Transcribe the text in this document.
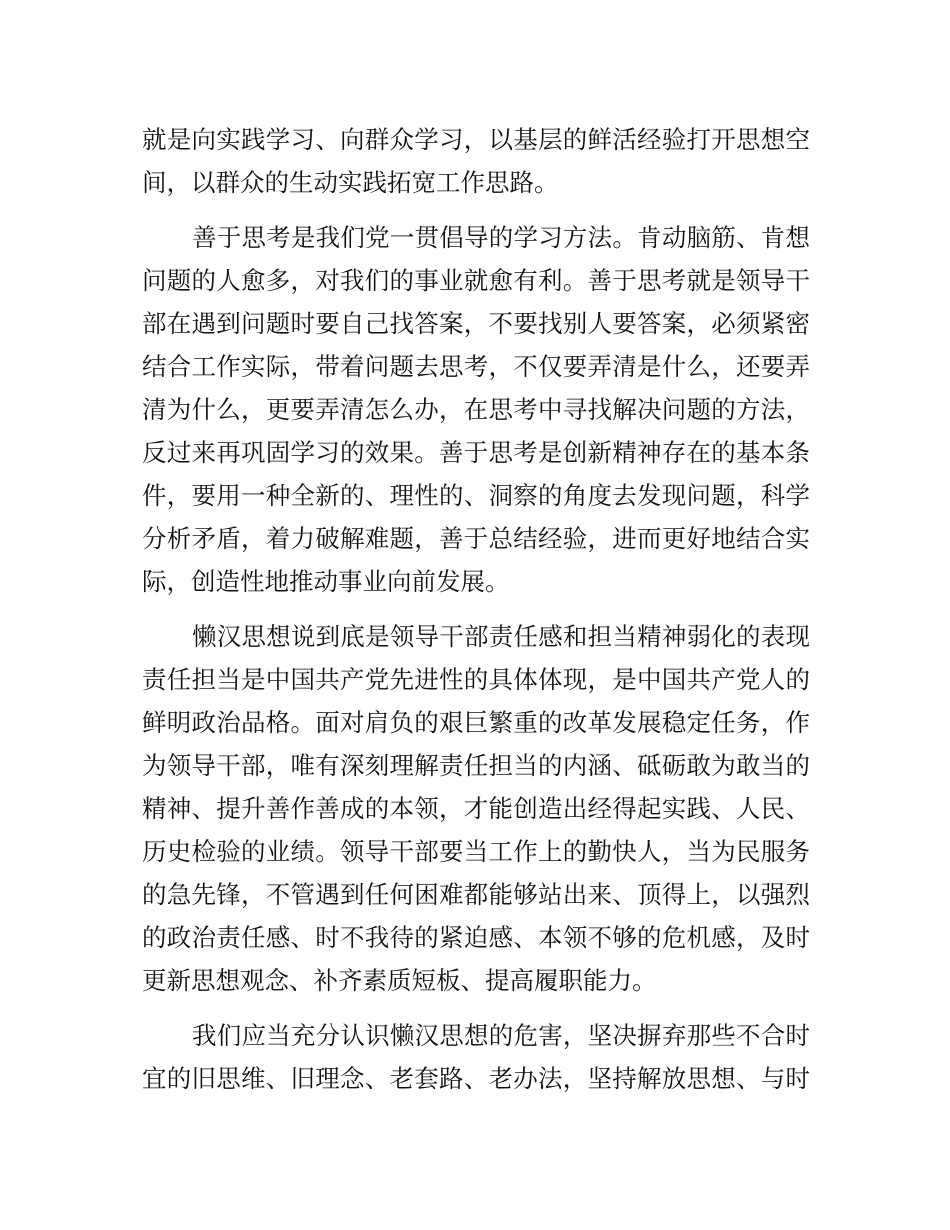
就是向实践学习、向群众学习，以基层的鲜活经验打开思想空
间，以群众的生动实践拓宽工作思路。
善于思考是我们党一贯倡导的学习方法。肯动脑筋、肯想
问题的人愈多，对我们的事业就愈有利。善于思考就是领导干
部在遇到问题时要自己找答案，不要找别人要答案，必须紧密
结合工作实际，带着问题去思考，不仅要弄清是什么，还要弄
清为什么，更要弄清怎么办，在思考中寻找解决问题的方法，
反过来再巩固学习的效果。善于思考是创新精神存在的基本条
件，要用一种全新的、理性的、洞察的角度去发现问题，科学
分析矛盾，着力破解难题，善于总结经验，进而更好地结合实
际，创造性地推动事业向前发展。
懒汉思想说到底是领导干部责任感和担当精神弱化的表现
责任担当是中国共产党先进性的具体体现，是中国共产党人的
鲜明政治品格。面对肩负的艰巨繁重的改革发展稳定任务，作
为领导干部，唯有深刻理解责任担当的内涵、砥砺敢为敢当的
精神、提升善作善成的本领，才能创造出经得起实践、人民、
历史检验的业绩。领导干部要当工作上的勤快人，当为民服务
的急先锋，不管遇到任何困难都能够站出来、顶得上，以强烈
的政治责任感、时不我待的紧迫感、本领不够的危机感，及时
更新思想观念、补齐素质短板、提高履职能力。
我们应当充分认识懒汉思想的危害，坚决摒弃那些不合时
宜的旧思维、旧理念、老套路、老办法，坚持解放思想、与时
